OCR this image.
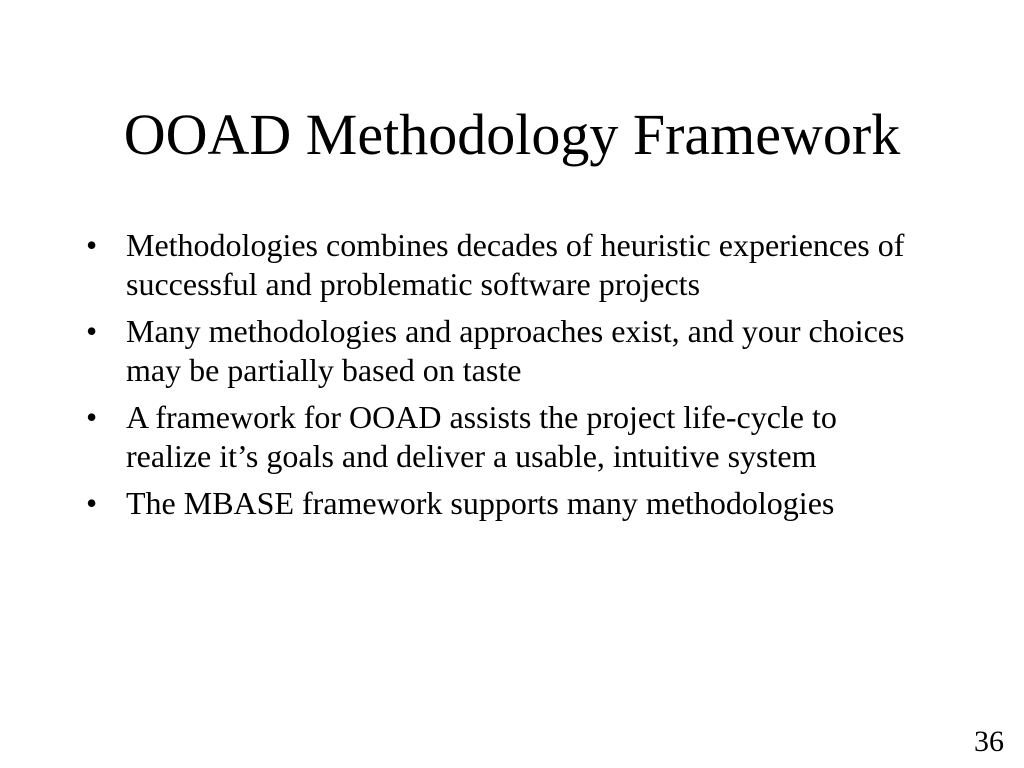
OOAD Methodology Framework
• Methodologies combines decades of heuristic experiences of successful and problematic software projects
• Many methodologies and approaches exist, and your choices may be partially based on taste
• A framework for OOAD assists the project life-cycle to realize it’s goals and deliver a usable, intuitive system
• The MBASE framework supports many methodologies
36
